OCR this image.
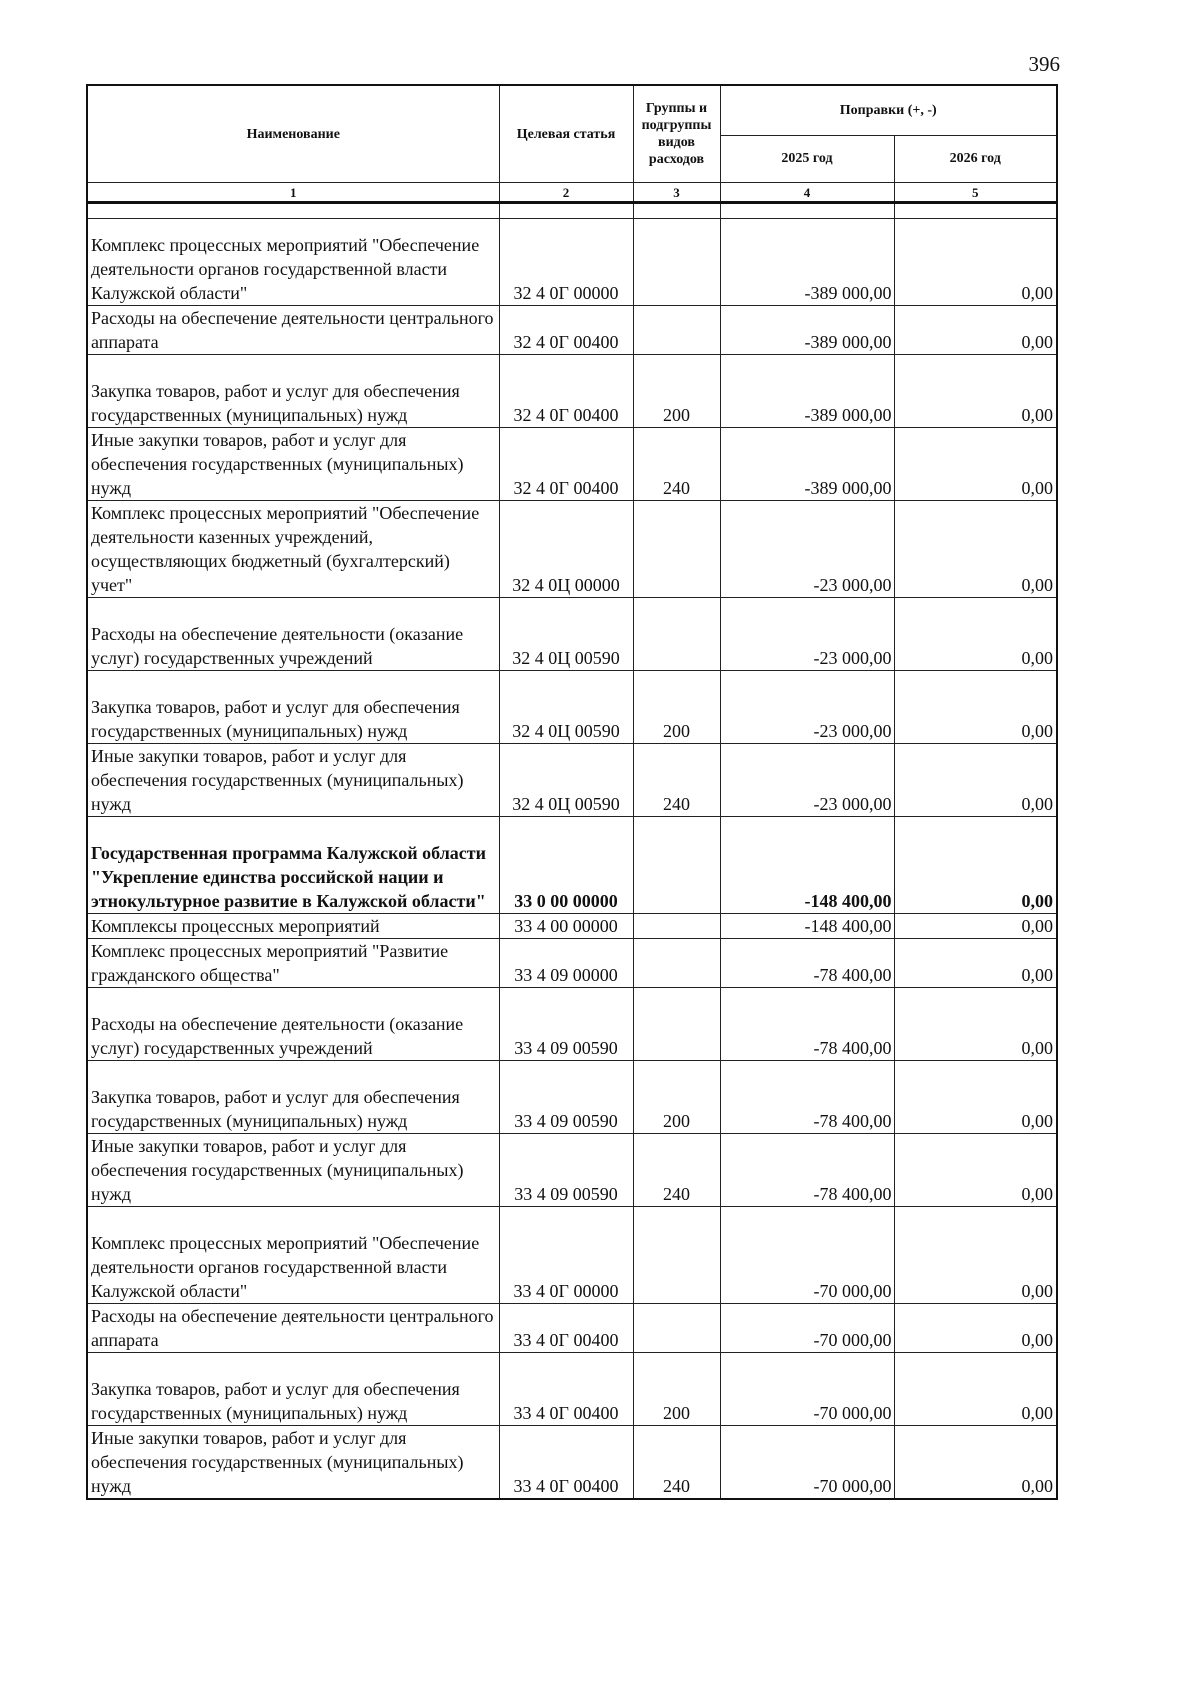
396
Наименование	Целевая статья	Группы и подгруппы видов расходов	Поправки (+, -)	
			2025 год	2026 год
1	2	3	4	5

Комплекс процессных мероприятий "Обеспечение деятельности органов государственной власти Калужской области"	32 4 0Г 00000		-389 000,00	0,00
Расходы на обеспечение деятельности центрального аппарата	32 4 0Г 00400		-389 000,00	0,00
Закупка товаров, работ и услуг для обеспечения государственных (муниципальных) нужд	32 4 0Г 00400	200	-389 000,00	0,00
Иные закупки товаров, работ и услуг для обеспечения государственных (муниципальных) нужд	32 4 0Г 00400	240	-389 000,00	0,00
Комплекс процессных мероприятий "Обеспечение деятельности казенных учреждений, осуществляющих бюджетный (бухгалтерский) учет"	32 4 0Ц 00000		-23 000,00	0,00
Расходы на обеспечение деятельности (оказание услуг) государственных учреждений	32 4 0Ц 00590		-23 000,00	0,00
Закупка товаров, работ и услуг для обеспечения государственных (муниципальных) нужд	32 4 0Ц 00590	200	-23 000,00	0,00
Иные закупки товаров, работ и услуг для обеспечения государственных (муниципальных) нужд	32 4 0Ц 00590	240	-23 000,00	0,00
Государственная программа Калужской области "Укрепление единства российской нации и этнокультурное развитие в Калужской области"	33 0 00 00000		-148 400,00	0,00
Комплексы процессных мероприятий	33 4 00 00000		-148 400,00	0,00
Комплекс процессных мероприятий "Развитие гражданского общества"	33 4 09 00000		-78 400,00	0,00
Расходы на обеспечение деятельности (оказание услуг) государственных учреждений	33 4 09 00590		-78 400,00	0,00
Закупка товаров, работ и услуг для обеспечения государственных (муниципальных) нужд	33 4 09 00590	200	-78 400,00	0,00
Иные закупки товаров, работ и услуг для обеспечения государственных (муниципальных) нужд	33 4 09 00590	240	-78 400,00	0,00
Комплекс процессных мероприятий "Обеспечение деятельности органов государственной власти Калужской области"	33 4 0Г 00000		-70 000,00	0,00
Расходы на обеспечение деятельности центрального аппарата	33 4 0Г 00400		-70 000,00	0,00
Закупка товаров, работ и услуг для обеспечения государственных (муниципальных) нужд	33 4 0Г 00400	200	-70 000,00	0,00
Иные закупки товаров, работ и услуг для обеспечения государственных (муниципальных) нужд	33 4 0Г 00400	240	-70 000,00	0,00
